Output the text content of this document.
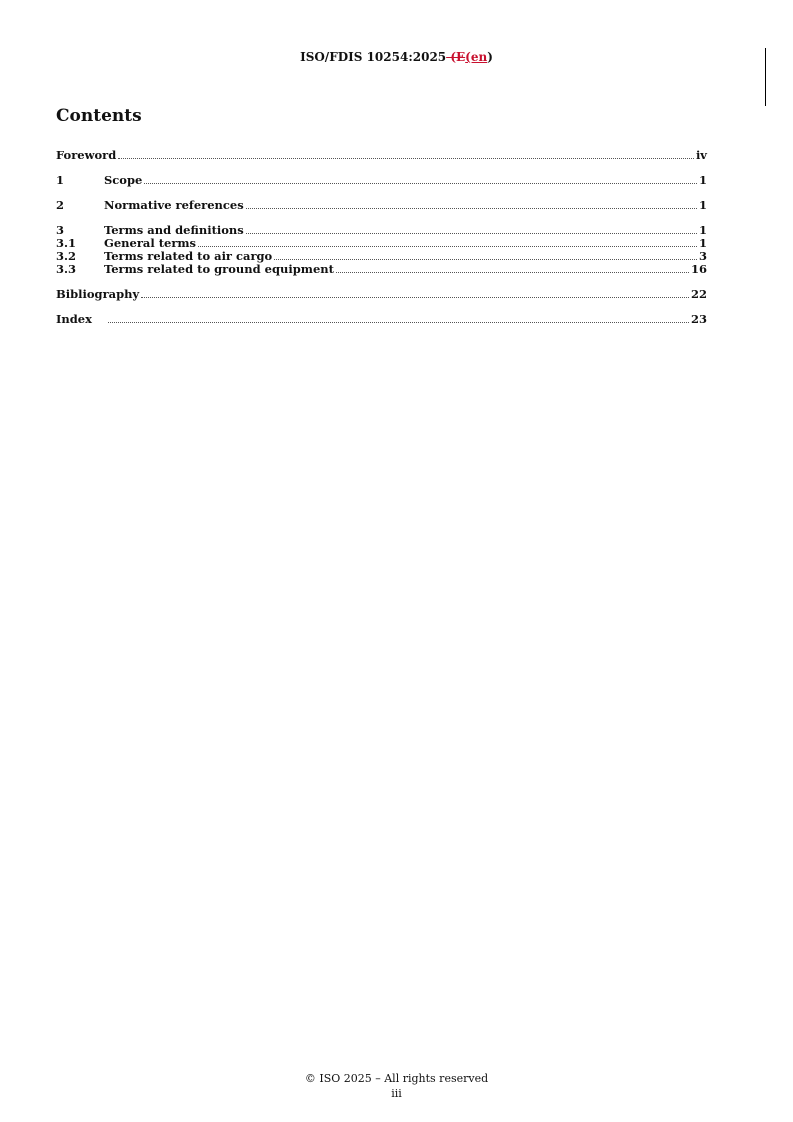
ISO/FDIS 10254:2025 (E(en)
Contents
Foreword	iv
1	Scope	1
2	Normative references	1
3	Terms and definitions	1
3.1	General terms	1
3.2	Terms related to air cargo	3
3.3	Terms related to ground equipment	16
Bibliography	22
Index	23
© ISO 2025 – All rights reserved
iii
